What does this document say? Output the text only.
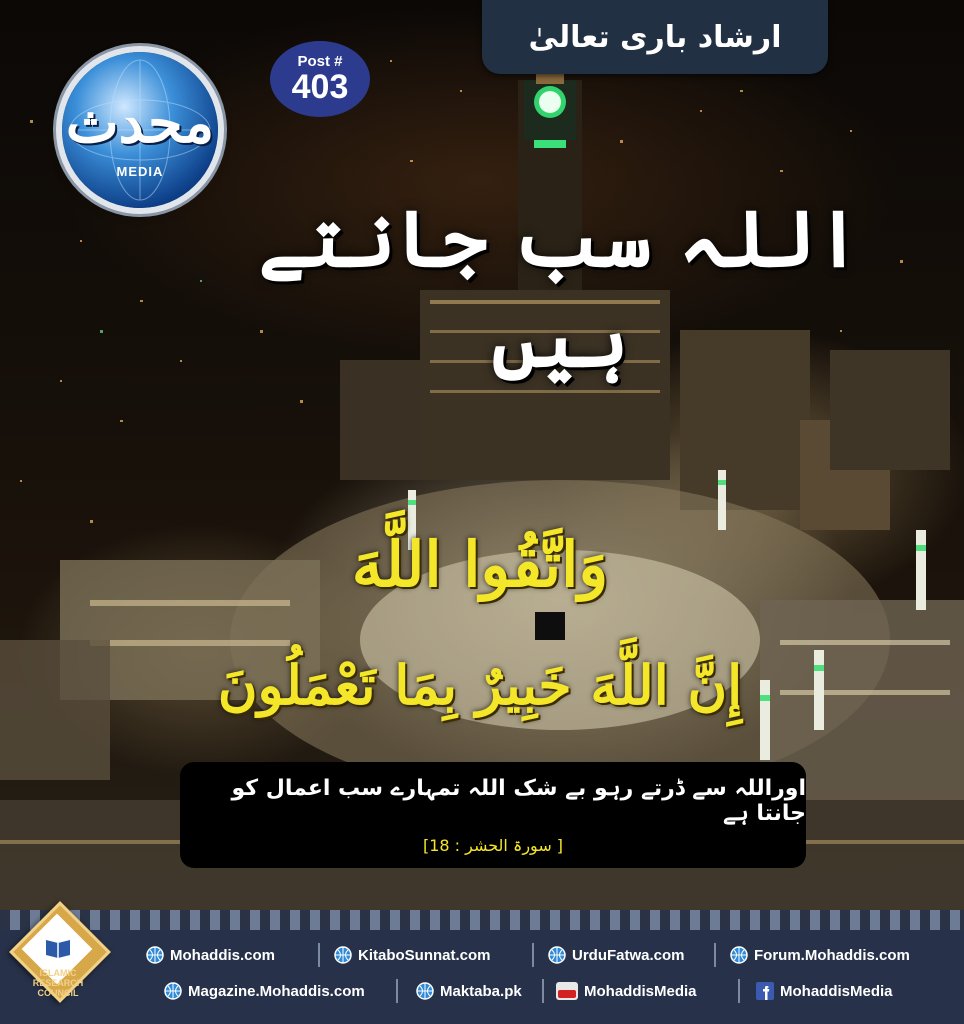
ارشاد باری تعالیٰ
محدث
MEDIA
Post #
403
اللہ سب جانتے ہیں
وَاتَّقُوا اللَّهَ
إِنَّ اللَّهَ خَبِيرٌ بِمَا تَعْمَلُونَ
اوراللہ سے ڈرتے رہو بے شک اللہ تمہارے سب اعمال کو جانتا ہے
[ سورۃ الحشر : 18]
ISLAMIC RESEARCH COUNCIL
Mohaddis.com	KitaboSunnat.com	UrduFatwa.com	Forum.Mohaddis.com
Magazine.Mohaddis.com	Maktaba.pk	MohaddisMedia	MohaddisMedia
